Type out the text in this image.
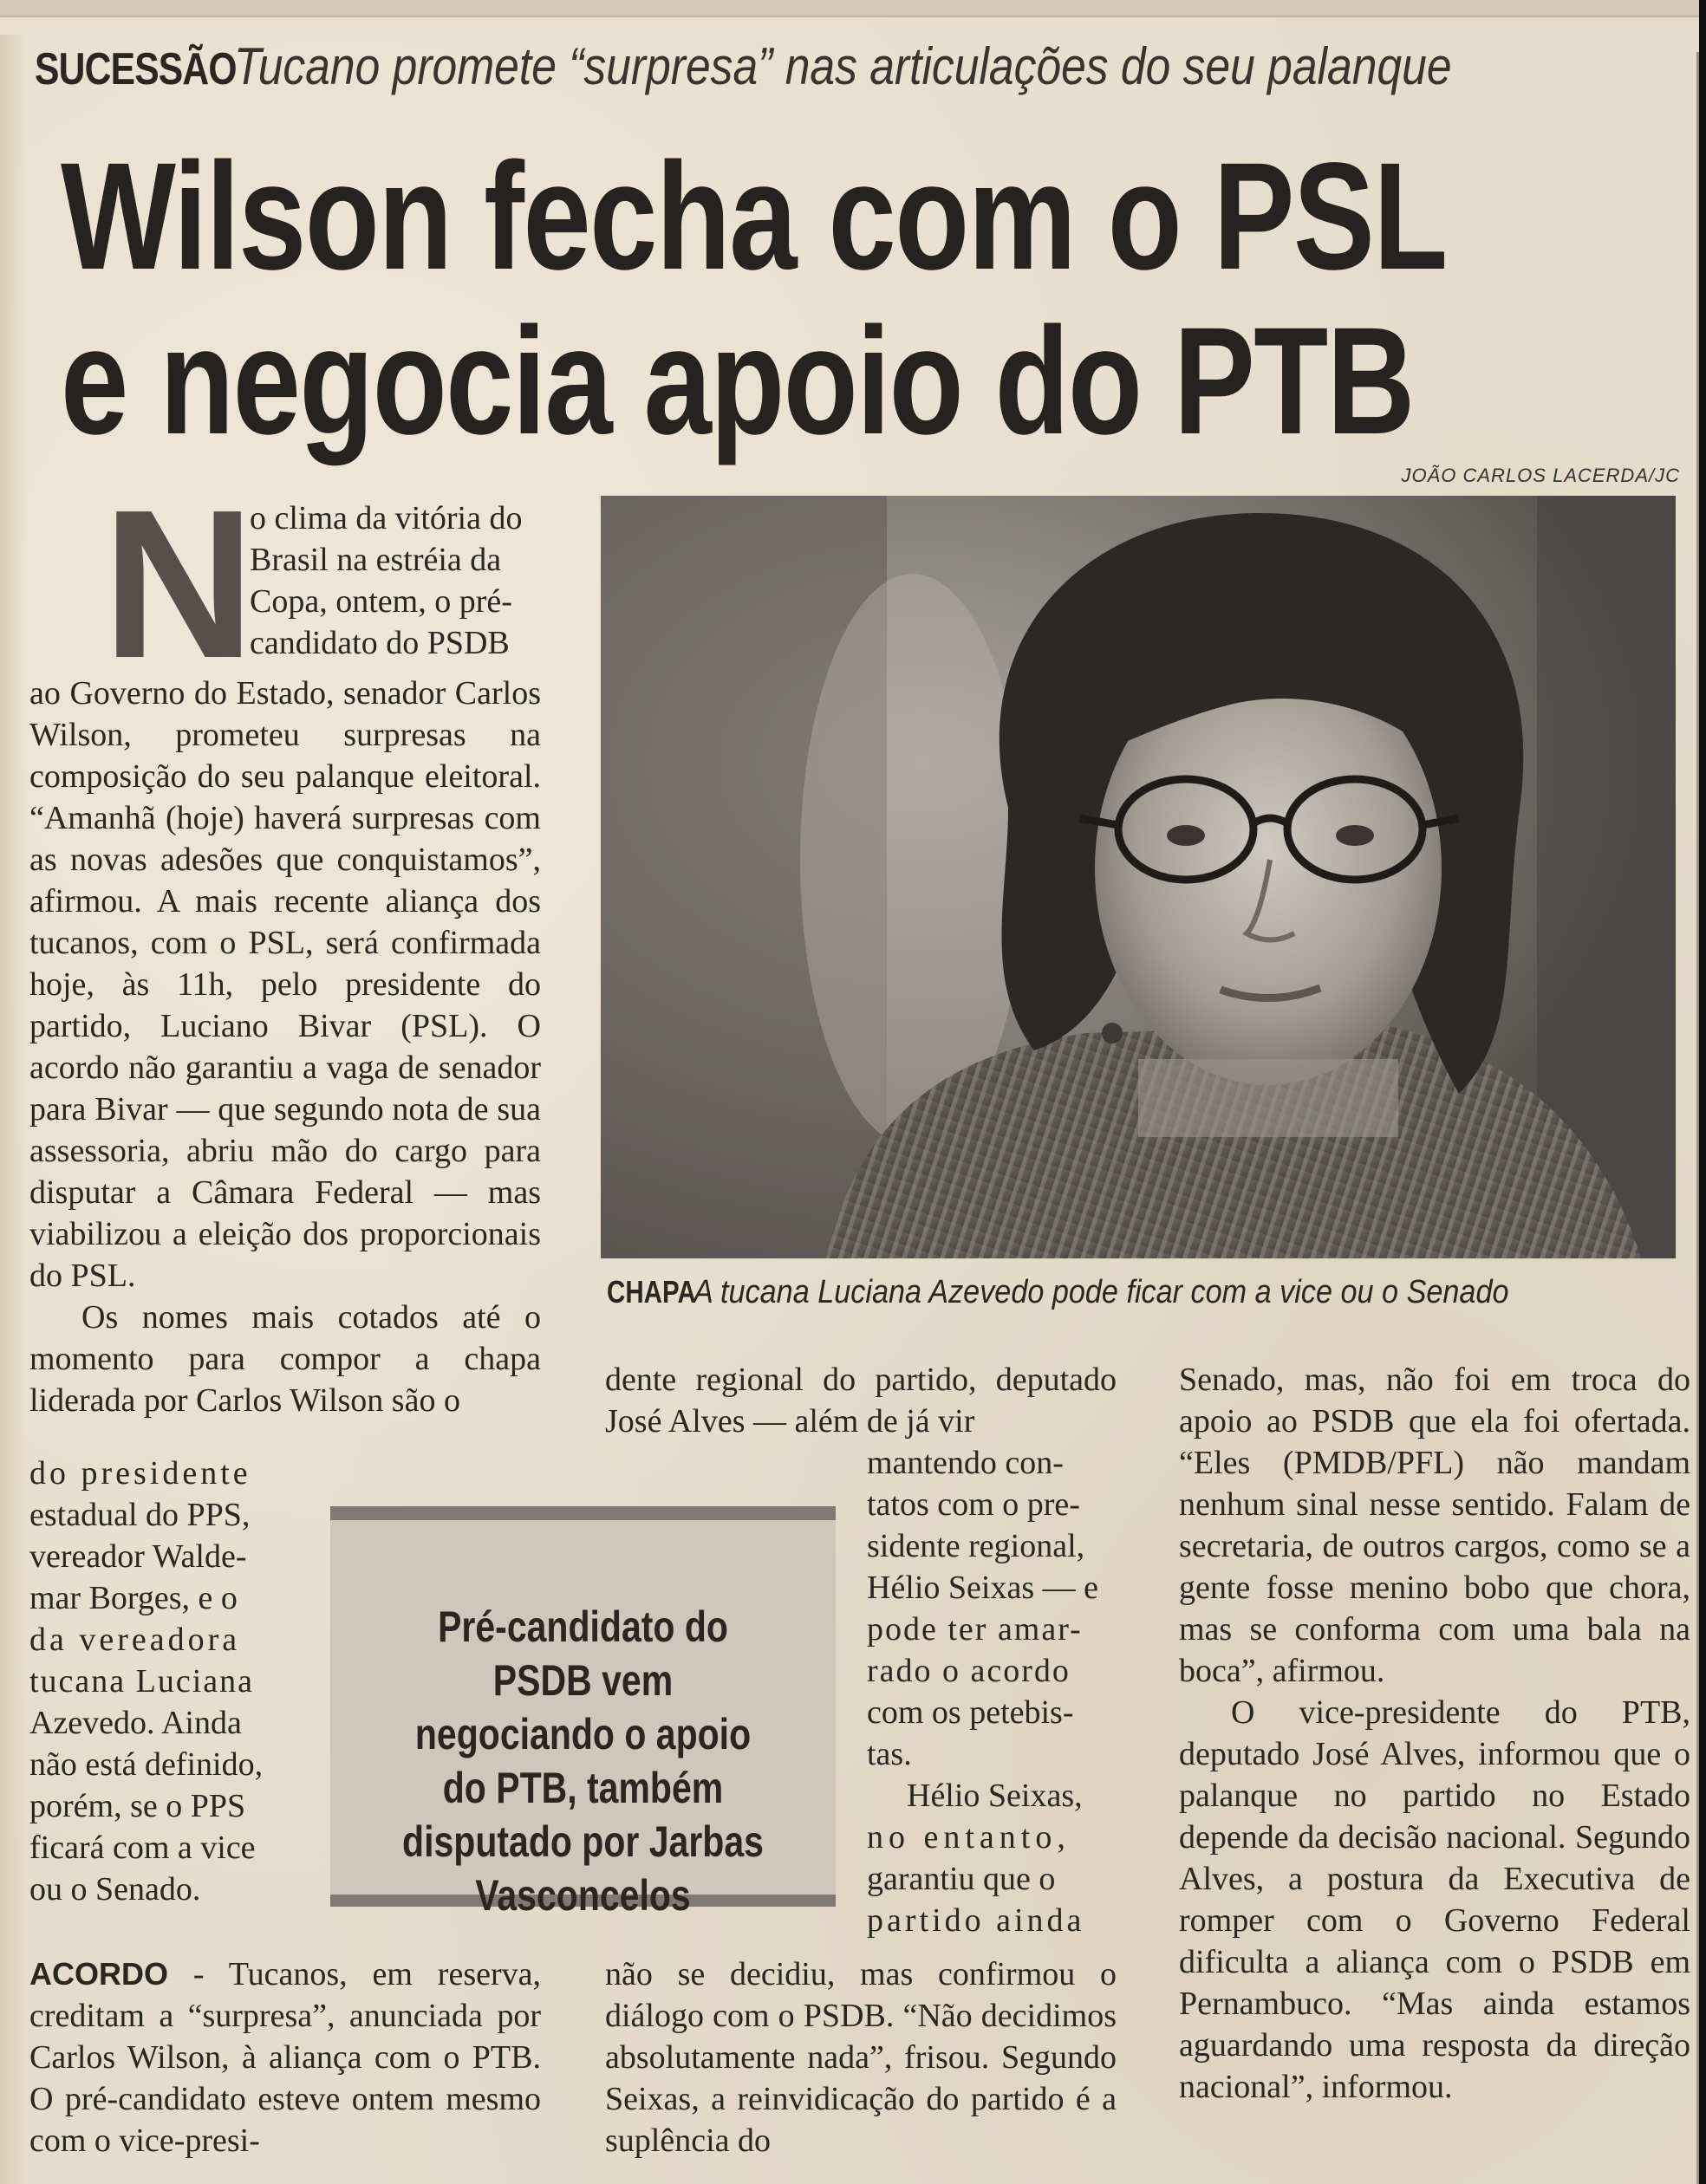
SUCESSÃOTucano promete “surpresa” nas articulações do seu palanque
Wilson fecha com o PSL
e negocia apoio do PTB
JOÃO CARLOS LACERDA/JC
CHAPAA tucana Luciana Azevedo pode ficar com a vice ou o Senado
N
o clima da vitória do
Brasil na estréia da
Copa, ontem, o pré-
candidato do PSDB

ao Governo do Estado, senador Carlos Wilson, prometeu surpresas na composição do seu palanque eleitoral. “Amanhã (hoje) haverá surpresas com as novas adesões que conquistamos”, afirmou. A mais recente aliança dos tucanos, com o PSL, será confirmada hoje, às 11h, pelo presidente do partido, Luciano Bivar (PSL). O acordo não garantiu a vaga de senador para Bivar — que segundo nota de sua assessoria, abriu mão do cargo para disputar a Câmara Federal — mas viabilizou a eleição dos proporcionais do PSL.

Os nomes mais cotados até o momento para compor a chapa liderada por Carlos Wilson são o

do presidente
estadual do PPS,
vereador Walde-
mar Borges, e o
da vereadora
tucana Luciana
Azevedo. Ainda
não está definido,
porém, se o PPS
ficará com a vice
ou o Senado.
ACORDO - Tucanos, em reserva, creditam a “surpresa”, anunciada por Carlos Wilson, à aliança com o PTB. O pré-candidato esteve ontem mesmo com o vice-presi-
Pré-candidato do PSDB vem negociando o apoio do PTB, também disputado por Jarbas Vasconcelos

dente regional do partido, deputado José Alves — além de já vir

mantendo con-
tatos com o pre-
sidente regional,
Hélio Seixas — e
pode ter amar-
rado o acordo
com os petebis-
tas.
Hélio Seixas,
no entanto,
garantiu que o
partido ainda

não se decidiu, mas confirmou o diálogo com o PSDB. “Não decidimos absolutamente nada”, frisou. Segundo Seixas, a reinvidicação do partido é a suplência do

Senado, mas, não foi em troca do apoio ao PSDB que ela foi ofertada. “Eles (PMDB/PFL) não mandam nenhum sinal nesse sentido. Falam de secretaria, de outros cargos, como se a gente fosse menino bobo que chora, mas se conforma com uma bala na boca”, afirmou.

O vice-presidente do PTB, deputado José Alves, informou que o palanque no partido no Estado depende da decisão nacional. Segundo Alves, a postura da Executiva de romper com o Governo Federal dificulta a aliança com o PSDB em Pernambuco. “Mas ainda estamos aguardando uma resposta da direção nacional”, informou.
